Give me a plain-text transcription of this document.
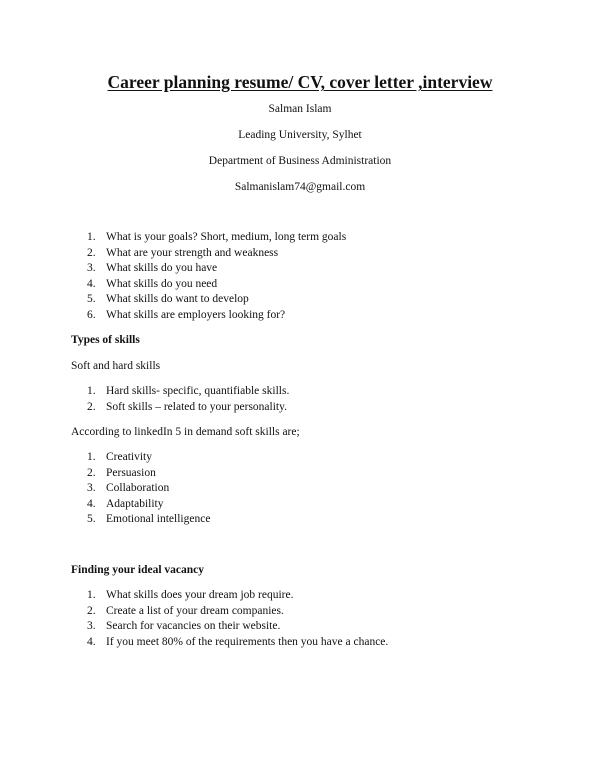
Career planning resume/ CV, cover letter ,interview
Salman Islam
Leading University, Sylhet
Department of Business Administration
Salmanislam74@gmail.com
1. What is your goals? Short, medium, long term goals
2. What are your strength and weakness
3. What skills do you have
4. What skills do you need
5. What skills do want to develop
6. What skills are employers looking for?
Types of skills
Soft and hard skills
1. Hard skills- specific, quantifiable skills.
2. Soft skills – related to your personality.
According to linkedIn 5 in demand soft skills are;
1. Creativity
2. Persuasion
3. Collaboration
4. Adaptability
5. Emotional intelligence
Finding your ideal vacancy
1. What skills does your dream job require.
2. Create a list of your dream companies.
3. Search for vacancies on their website.
4. If you meet 80% of the requirements then you have a chance.
